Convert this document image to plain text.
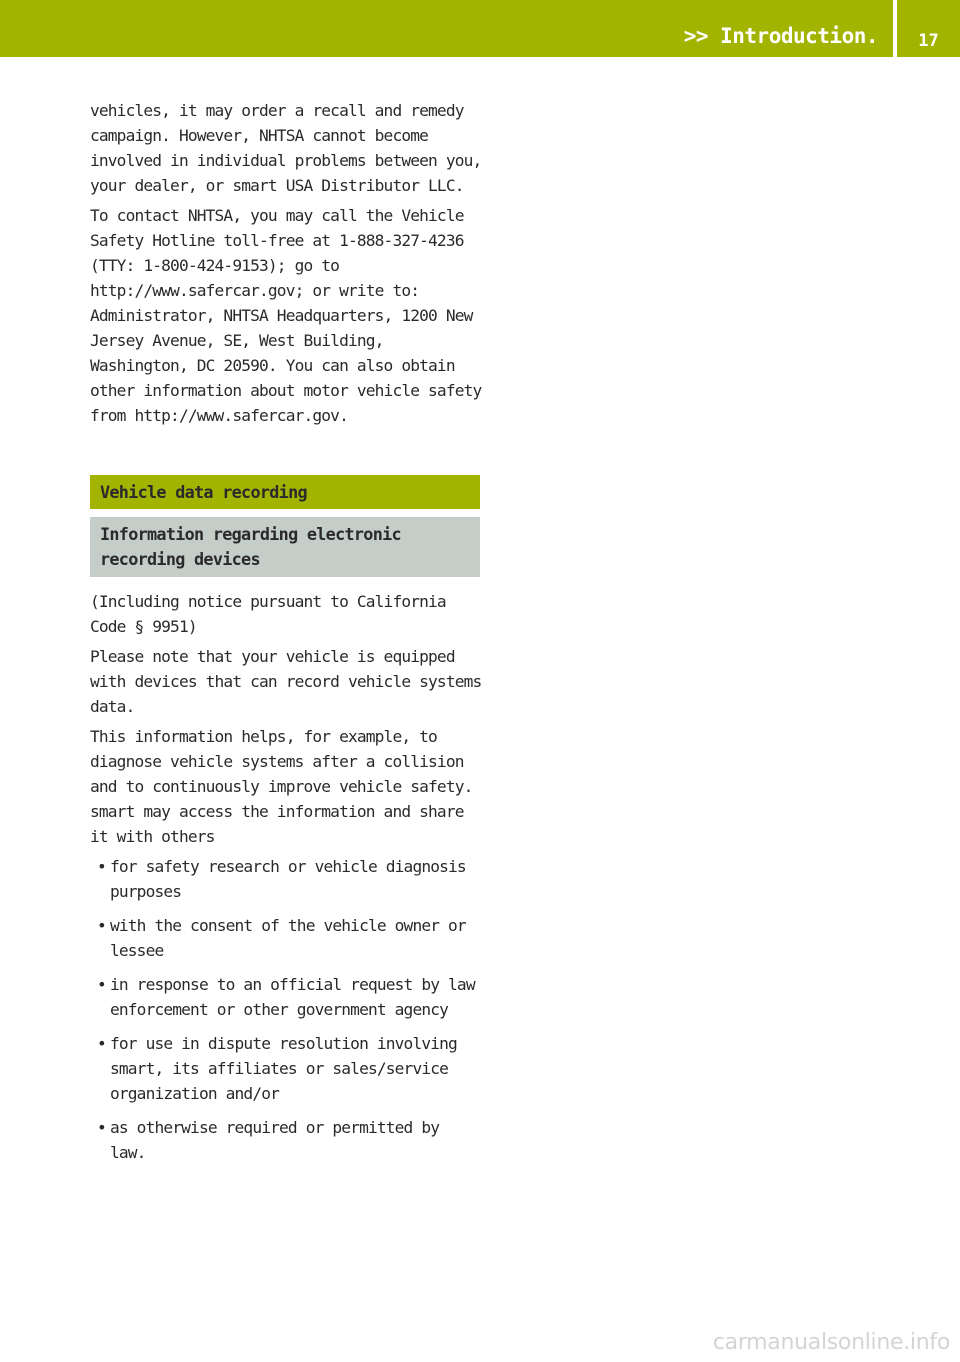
>> Introduction.	17

vehicles, it may order a recall and remedy campaign. However, NHTSA cannot become involved in individual problems between you, your dealer, or smart USA Distributor LLC.

To contact NHTSA, you may call the Vehicle Safety Hotline toll-free at 1-888-327-4236 (TTY: 1-800-424-9153); go to http://www.safercar.gov; or write to: Administrator, NHTSA Headquarters, 1200 New Jersey Avenue, SE, West Building, Washington, DC 20590. You can also obtain other information about motor vehicle safety from http://www.safercar.gov.

Vehicle data recording
Information regarding electronic recording devices

(Including notice pursuant to California Code § 9951)

Please note that your vehicle is equipped with devices that can record vehicle systems data.

This information helps, for example, to diagnose vehicle systems after a collision and to continuously improve vehicle safety.

smart may access the information and share it with others

• for safety research or vehicle diagnosis purposes
• with the consent of the vehicle owner or lessee
• in response to an official request by law enforcement or other government agency
• for use in dispute resolution involving smart, its affiliates or sales/service organization and/or
• as otherwise required or permitted by law.
carmanualsonline.info
